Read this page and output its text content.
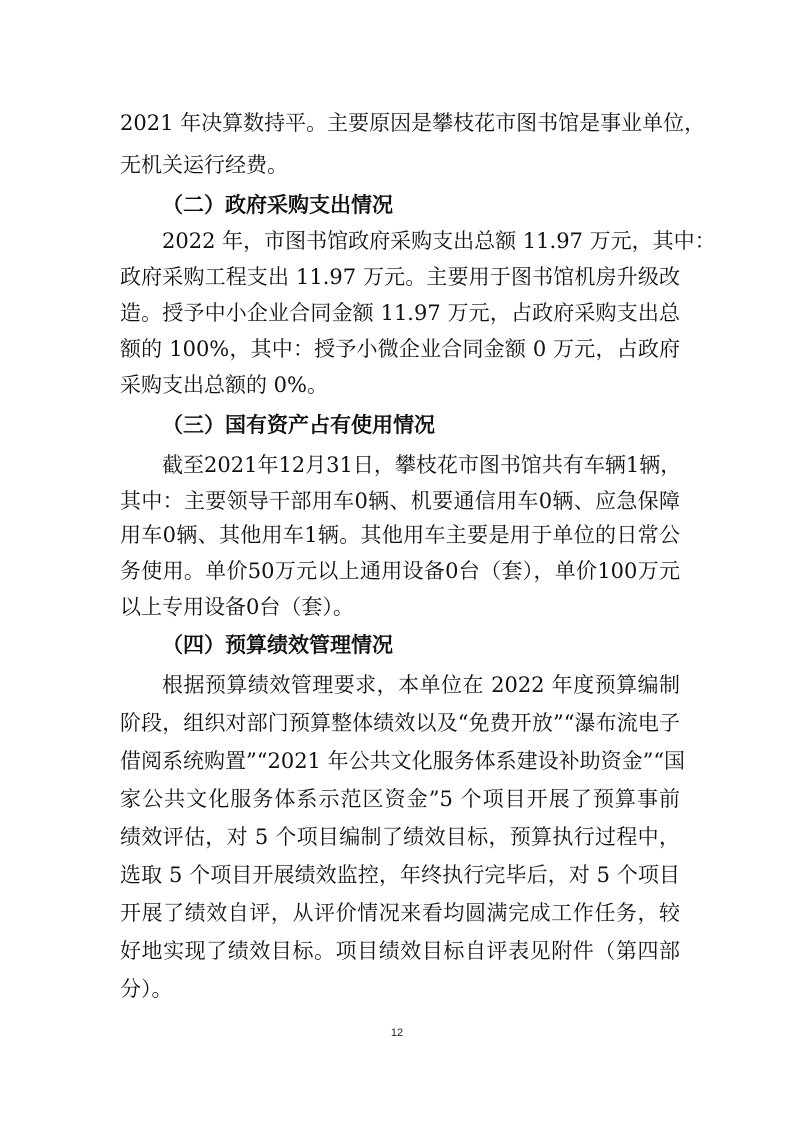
2021 年决算数持平。主要原因是攀枝花市图书馆是事业单位，
无机关运行经费。
（二）政府采购支出情况
2022 年，市图书馆政府采购支出总额 11.97 万元，其中：
政府采购工程支出 11.97 万元。主要用于图书馆机房升级改
造。授予中小企业合同金额 11.97 万元，占政府采购支出总
额的 100%，其中：授予小微企业合同金额 0 万元，占政府
采购支出总额的 0%。
（三）国有资产占有使用情况
截至2021年12月31日，攀枝花市图书馆共有车辆1辆，
其中：主要领导干部用车0辆、机要通信用车0辆、应急保障
用车0辆、其他用车1辆。其他用车主要是用于单位的日常公
务使用。单价50万元以上通用设备0台（套），单价100万元
以上专用设备0台（套）。
（四）预算绩效管理情况
根据预算绩效管理要求，本单位在 2022 年度预算编制
阶段，组织对部门预算整体绩效以及“免费开放”“瀑布流电子
借阅系统购置”“2021 年公共文化服务体系建设补助资金”“国
家公共文化服务体系示范区资金”5 个项目开展了预算事前
绩效评估，对 5 个项目编制了绩效目标，预算执行过程中，
选取 5 个项目开展绩效监控，年终执行完毕后，对 5 个项目
开展了绩效自评，从评价情况来看均圆满完成工作任务，较
好地实现了绩效目标。项目绩效目标自评表见附件（第四部
分）。
12
